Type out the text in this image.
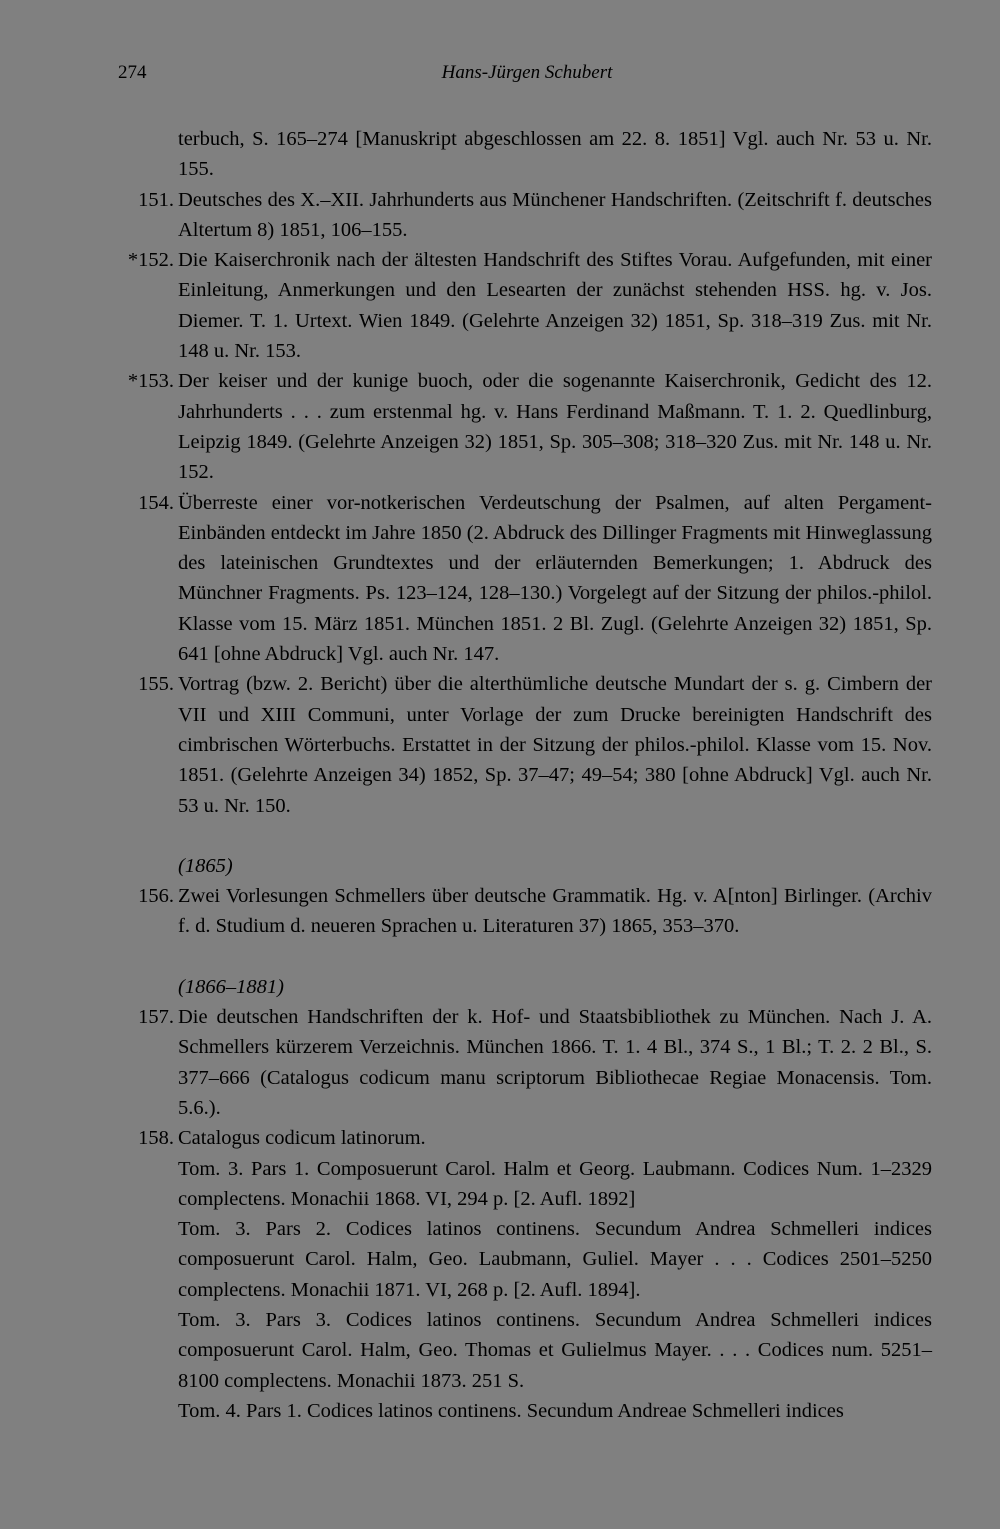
274	Hans-Jürgen Schubert
terbuch, S. 165–274 [Manuskript abgeschlossen am 22. 8. 1851] Vgl. auch Nr. 53 u. Nr. 155.
151. Deutsches des X.–XII. Jahrhunderts aus Münchener Handschriften. (Zeitschrift f. deutsches Altertum 8) 1851, 106–155.
*152. Die Kaiserchronik nach der ältesten Handschrift des Stiftes Vorau. Aufgefunden, mit einer Einleitung, Anmerkungen und den Lesearten der zunächst stehenden HSS. hg. v. Jos. Diemer. T. 1. Urtext. Wien 1849. (Gelehrte Anzeigen 32) 1851, Sp. 318–319 Zus. mit Nr. 148 u. Nr. 153.
*153. Der keiser und der kunige buoch, oder die sogenannte Kaiserchronik, Gedicht des 12. Jahrhunderts . . . zum erstenmal hg. v. Hans Ferdinand Maßmann. T. 1. 2. Quedlinburg, Leipzig 1849. (Gelehrte Anzeigen 32) 1851, Sp. 305–308; 318–320 Zus. mit Nr. 148 u. Nr. 152.
154. Überreste einer vor-notkerischen Verdeutschung der Psalmen, auf alten Pergament-Einbänden entdeckt im Jahre 1850 (2. Abdruck des Dillinger Fragments mit Hinweglassung des lateinischen Grundtextes und der erläuternden Bemerkungen; 1. Abdruck des Münchner Fragments. Ps. 123–124, 128–130.) Vorgelegt auf der Sitzung der philos.-philol. Klasse vom 15. März 1851. München 1851. 2 Bl. Zugl. (Gelehrte Anzeigen 32) 1851, Sp. 641 [ohne Abdruck] Vgl. auch Nr. 147.
155. Vortrag (bzw. 2. Bericht) über die alterthümliche deutsche Mundart der s. g. Cimbern der VII und XIII Communi, unter Vorlage der zum Drucke bereinigten Handschrift des cimbrischen Wörterbuchs. Erstattet in der Sitzung der philos.-philol. Klasse vom 15. Nov. 1851. (Gelehrte Anzeigen 34) 1852, Sp. 37–47; 49–54; 380 [ohne Abdruck] Vgl. auch Nr. 53 u. Nr. 150.
(1865)
156. Zwei Vorlesungen Schmellers über deutsche Grammatik. Hg. v. A[nton] Birlinger. (Archiv f. d. Studium d. neueren Sprachen u. Literaturen 37) 1865, 353–370.
(1866–1881)
157. Die deutschen Handschriften der k. Hof- und Staatsbibliothek zu München. Nach J. A. Schmellers kürzerem Verzeichnis. München 1866. T. 1. 4 Bl., 374 S., 1 Bl.; T. 2. 2 Bl., S. 377–666 (Catalogus codicum manu scriptorum Bibliothecae Regiae Monacensis. Tom. 5.6.).
158. Catalogus codicum latinorum.
Tom. 3. Pars 1. Composuerunt Carol. Halm et Georg. Laubmann. Codices Num. 1–2329 complectens. Monachii 1868. VI, 294 p. [2. Aufl. 1892]
Tom. 3. Pars 2. Codices latinos continens. Secundum Andrea Schmelleri indices composuerunt Carol. Halm, Geo. Laubmann, Guliel. Mayer . . . Codices 2501–5250 complectens. Monachii 1871. VI, 268 p. [2. Aufl. 1894].
Tom. 3. Pars 3. Codices latinos continens. Secundum Andrea Schmelleri indices composuerunt Carol. Halm, Geo. Thomas et Gulielmus Mayer. . . . Codices num. 5251–8100 complectens. Monachii 1873. 251 S.
Tom. 4. Pars 1. Codices latinos continens. Secundum Andreae Schmelleri indices
